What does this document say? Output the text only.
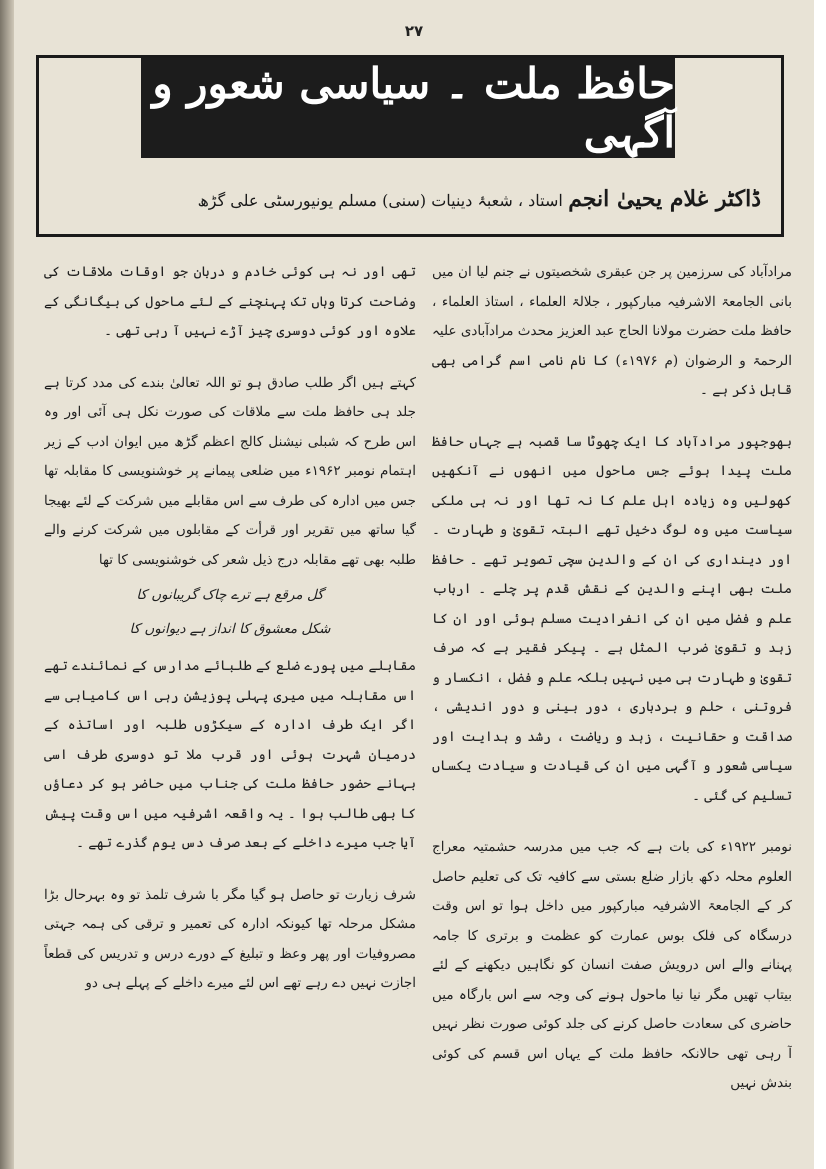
۲۷
حافظ ملت ۔ سیاسی شعور و آگہی
ڈاکٹر غلام یحییٰ انجم استاد ، شعبۂ دینیات (سنی) مسلم یونیورسٹی علی گڑھ

مرادآباد کی سرزمین پر جن عبقری شخصیتوں نے جنم لیا ان میں بانی الجامعۃ الاشرفیہ مبارکپور ، جلالۃ العلماء ، استاذ العلماء ، حافظ ملت حضرت مولانا الحاج عبد العزیز محدث مرادآبادی علیہ الرحمۃ و الرضوان (م ۱۹۷۶ء) کا نام نامی اسم گرامی بھی قابل ذکر ہے ۔

بھوجپور مرادآباد کا ایک چھوٹا سا قصبہ ہے جہاں حافظ ملت پیدا ہوئے جس ماحول میں انھوں نے آنکھیں کھولیں وہ زیادہ اہل علم کا نہ تھا اور نہ ہی ملکی سیاست میں وہ لوگ دخیل تھے البتہ تقویٰ و طہارت ۔ اور دینداری کی ان کے والدین سچی تصویر تھے ۔ حافظ ملت بھی اپنے والدین کے نقش قدم پر چلے ۔ ارباب علم و فضل میں ان کی انفرادیت مسلم ہوئی اور ان کا زہد و تقویٰ ضرب المثل ہے ۔ پیکر فقیر ہے کہ صرف تقویٰ و طہارت ہی میں نہیں بلکہ علم و فضل ، انکسار و فروتنی ، حلم و بردباری ، دور بینی و دور اندیشی ، صداقت و حقانیت ، زہد و ریاضت ، رشد و ہدایت اور سیاسی شعور و آگہی میں ان کی قیادت و سیادت یکساں تسلیم کی گئی ۔

نومبر ۱۹۲۲ء کی بات ہے کہ جب میں مدرسہ حشمتیہ معراج العلوم محلہ دکھ بازار ضلع بستی سے کافیہ تک کی تعلیم حاصل کر کے الجامعۃ الاشرفیہ مبارکپور میں داخل ہوا تو اس وقت درسگاہ کی فلک بوس عمارت کو عظمت و برتری کا جامہ پہنانے والے اس درویش صفت انسان کو نگاہیں دیکھنے کے لئے بیتاب تھیں مگر نیا نیا ماحول ہونے کی وجہ سے اس بارگاہ میں حاضری کی سعادت حاصل کرنے کی جلد کوئی صورت نظر نہیں آ رہی تھی حالانکہ حافظ ملت کے یہاں اس قسم کی کوئی بندش نہیں

تھی اور نہ ہی کوئی خادم و دربان جو اوقات ملاقات کی وضاحت کرتا وہاں تک پہنچنے کے لئے ماحول کی بیگانگی کے علاوہ اور کوئی دوسری چیز آڑے نہیں آ رہی تھی ۔

کہتے ہیں اگر طلب صادق ہو تو اللہ تعالیٰ بندے کی مدد کرتا ہے جلد ہی حافظ ملت سے ملاقات کی صورت نکل ہی آئی اور وہ اس طرح کہ شبلی نیشنل کالج اعظم گڑھ میں ایوان ادب کے زیر اہتمام نومبر ۱۹۶۲ء میں ضلعی پیمانے پر خوشنویسی کا مقابلہ تھا جس میں ادارہ کی طرف سے اس مقابلے میں شرکت کے لئے بھیجا گیا ساتھ میں تقریر اور قرأت کے مقابلوں میں شرکت کرنے والے طلبہ بھی تھے مقابلہ درج ذیل شعر کی خوشنویسی کا تھا

گل مرقع ہے ترے چاک گریبانوں کا

شکل معشوق کا انداز ہے دیوانوں کا

مقابلے میں پورے ضلع کے طلبائے مدارس کے نمائندے تھے اس مقابلہ میں میری پہلی پوزیشن رہی اس کامیابی سے اگر ایک طرف ادارہ کے سیکڑوں طلبہ اور اساتذہ کے درمیان شہرت ہوئی اور قرب ملا تو دوسری طرف اسی بہانے حضور حافظ ملت کی جناب میں حاضر ہو کر دعاؤں کا بھی طالب ہوا ۔ یہ واقعہ اشرفیہ میں اس وقت پیش آیا جب میرے داخلے کے بعد صرف دس یوم گذرے تھے ۔

شرف زیارت تو حاصل ہو گیا مگر با شرف تلمذ تو وہ بہرحال بڑا مشکل مرحلہ تھا کیونکہ ادارہ کی تعمیر و ترقی کی ہمہ جہتی مصروفیات اور پھر وعظ و تبلیغ کے دورے درس و تدریس کی قطعاً اجازت نہیں دے رہے تھے اس لئے میرے داخلے کے پہلے ہی دو
